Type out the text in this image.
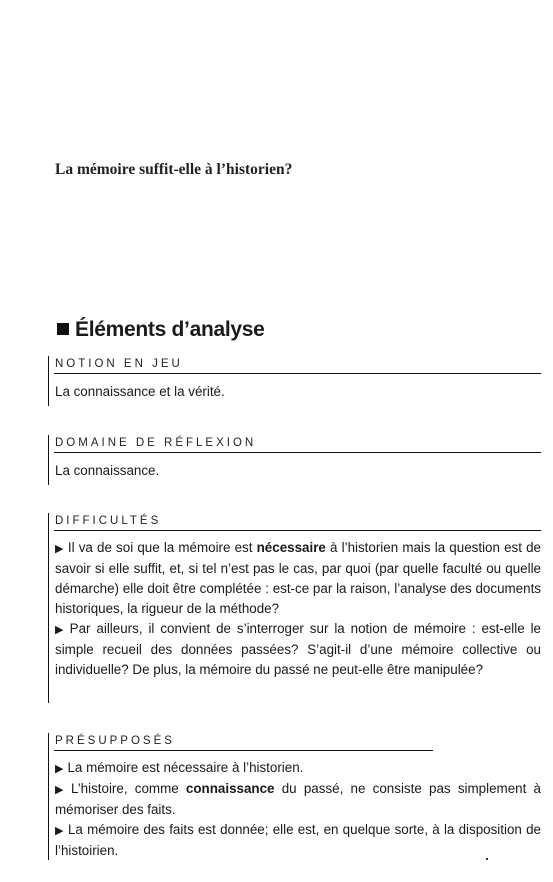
La mémoire suffit-elle à l’historien?
Éléments d’analyse
NOTION EN JEU

La connaissance et la vérité.

DOMAINE DE RÉFLEXION

La connaissance.

DIFFICULTÉS

▶ Il va de soi que la mémoire est nécessaire à l’historien mais la question est de savoir si elle suffit, et, si tel n’est pas le cas, par quoi (par quelle faculté ou quelle démarche) elle doit être complétée : est-ce par la raison, l’analyse des documents historiques, la rigueur de la méthode?

▶ Par ailleurs, il convient de s’interroger sur la notion de mémoire : est-elle le simple recueil des données passées? S’agit-il d’une mémoire collective ou individuelle? De plus, la mémoire du passé ne peut-elle être manipulée?

PRÉSUPPOSÉS

▶ La mémoire est nécessaire à l’historien.

▶ L’histoire, comme connaissance du passé, ne consiste pas simplement à mémoriser des faits.

▶ La mémoire des faits est donnée; elle est, en quelque sorte, à la disposition de l’histoirien.
